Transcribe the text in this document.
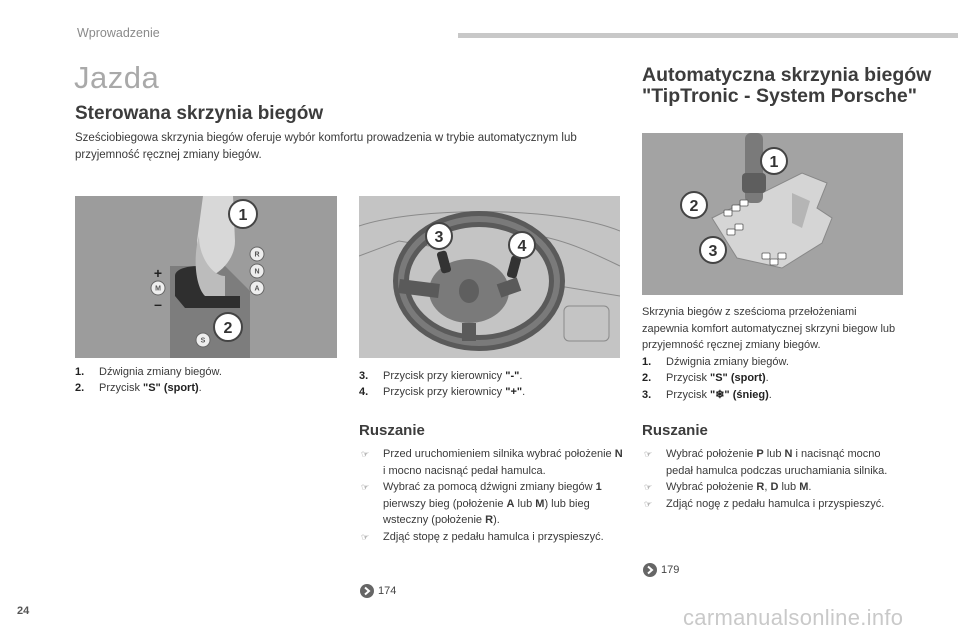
Wprowadzenie
Jazda
Sterowana skrzynia biegów
Sześciobiegowa skrzynia biegów oferuje wybór komfortu prowadzenia w trybie automatycznym lub przyjemność ręcznej zmiany biegów.
R
N
A
M
S
+
–
1
2
1. Dźwignia zmiany biegów.
2. Przycisk "S" (sport).
3
4
3. Przycisk przy kierownicy "-".
4. Przycisk przy kierownicy "+".
Ruszanie
☞ Przed uruchomieniem silnika wybrać położenie N i mocno nacisnąć pedał hamulca.
☞ Wybrać za pomocą dźwigni zmiany biegów 1 pierwszy bieg (położenie A lub M) lub bieg wsteczny (położenie R).
☞ Zdjąć stopę z pedału hamulca i przyspieszyć.
174
Automatyczna skrzynia biegów "TipTronic - System Porsche"
1
2
3
Skrzynia biegów z sześcioma przełożeniami zapewnia komfort automatycznej skrzyni biegow lub przyjemność ręcznej zmiany biegów.
1. Dźwignia zmiany biegów.
2. Przycisk "S" (sport).
3. Przycisk "❄" (śnieg).
Ruszanie
☞ Wybrać położenie P lub N i nacisnąć mocno pedał hamulca podczas uruchamiania silnika.
☞ Wybrać położenie R, D lub M.
☞ Zdjąć nogę z pedału hamulca i przyspieszyć.
179
24	carmanualsonline.info
